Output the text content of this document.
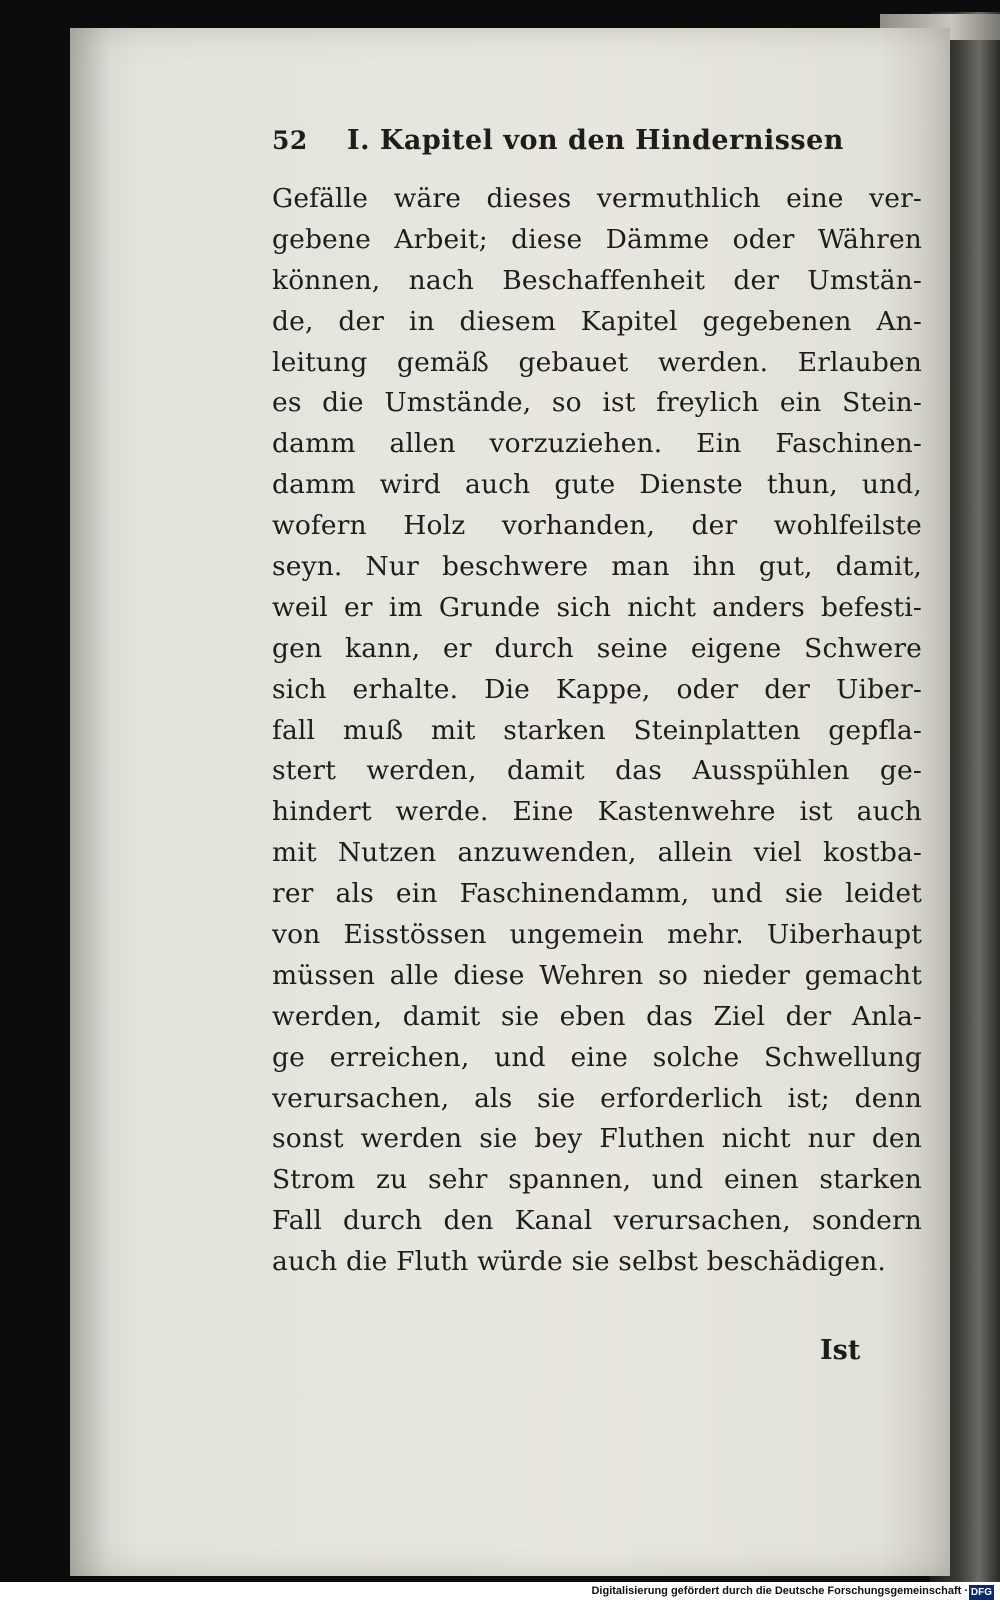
52	I. Kapitel von den Hindernissen
Gefälle wäre dieses vermuthlich eine ver-
gebene Arbeit; diese Dämme oder Währen
können, nach Beschaffenheit der Umstän-
de, der in diesem Kapitel gegebenen An-
leitung gemäß gebauet werden. Erlauben
es die Umstände, so ist freylich ein Stein-
damm allen vorzuziehen. Ein Faschinen-
damm wird auch gute Dienste thun, und,
wofern Holz vorhanden, der wohlfeilste
seyn. Nur beschwere man ihn gut, damit,
weil er im Grunde sich nicht anders befesti-
gen kann, er durch seine eigene Schwere
sich erhalte. Die Kappe, oder der Uiber-
fall muß mit starken Steinplatten gepfla-
stert werden, damit das Ausspühlen ge-
hindert werde. Eine Kastenwehre ist auch
mit Nutzen anzuwenden, allein viel kostba-
rer als ein Faschinendamm, und sie leidet
von Eisstössen ungemein mehr. Uiberhaupt
müssen alle diese Wehren so nieder gemacht
werden, damit sie eben das Ziel der Anla-
ge erreichen, und eine solche Schwellung
verursachen, als sie erforderlich ist; denn
sonst werden sie bey Fluthen nicht nur den
Strom zu sehr spannen, und einen starken
Fall durch den Kanal verursachen, sondern
auch die Fluth würde sie selbst beschädigen.
Ist
Digitalisierung gefördert durch die Deutsche Forschungsgemeinschaft · DFG
